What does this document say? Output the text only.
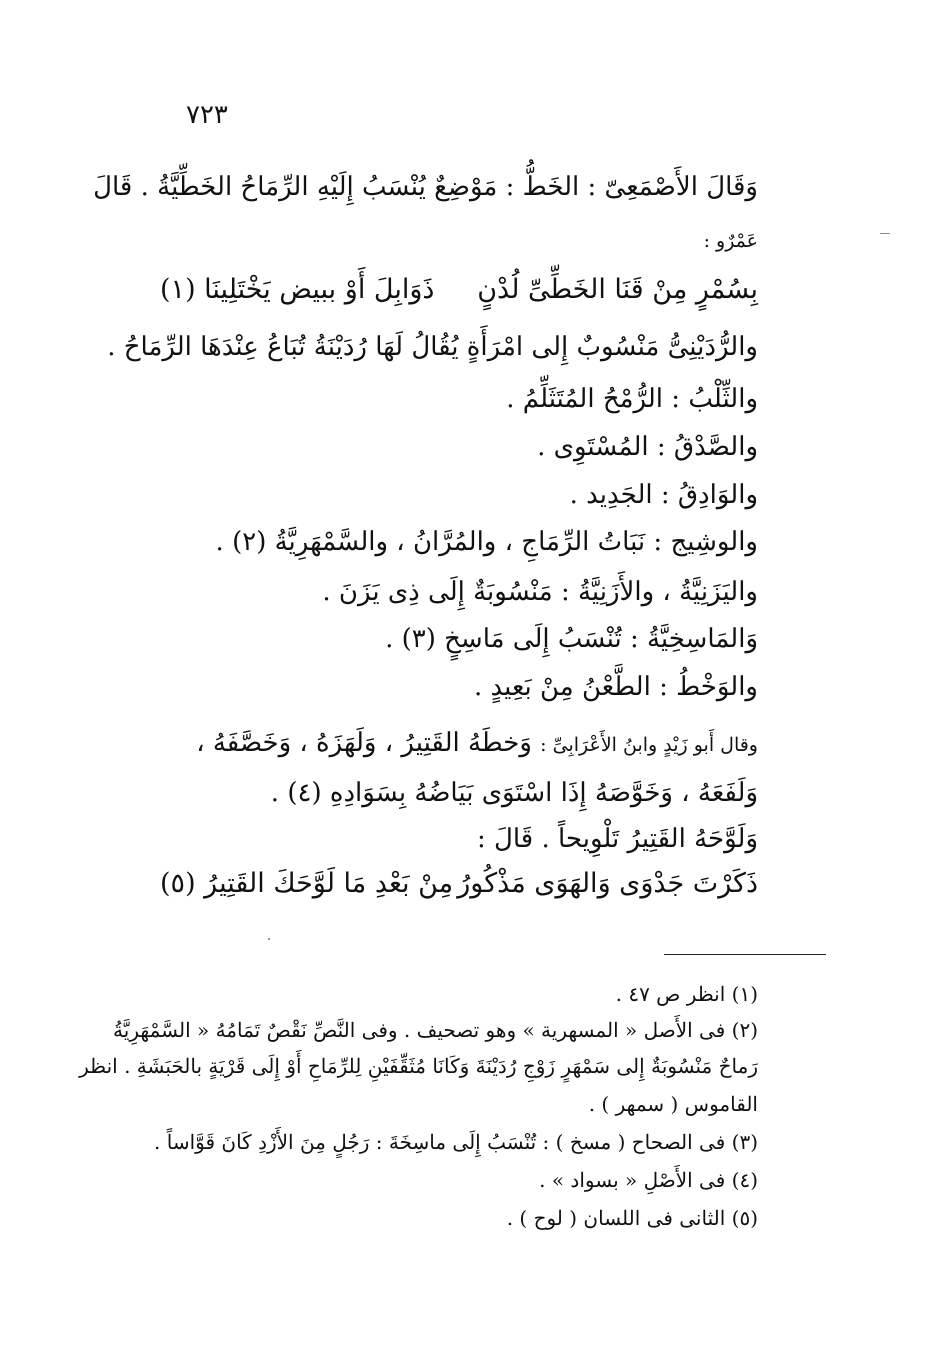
٧٢٣

وَقَالَ الأَصْمَعِىّ : الخَطُّ : مَوْضِعٌ يُنْسَبُ إِلَيْهِ الرِّمَاحُ الخَطِّيَّةُ . قَالَ

عَمْرٌو :

بِسُمْرٍ مِنْ قَنَا الخَطِّىِّ لُدْنٍ
ذَوَابِلَ أَوْ ببيض يَخْتَلِينَا (١)

والرُّدَيْنِىُّ مَنْسُوبٌ إِلى امْرَأَةٍ يُقُالُ لَهَا رُدَيْنَةُ تُبَاعُ عِنْدَهَا الرِّمَاحُ .

والثِّلْبُ : الرُّمْحُ المُتَثَلِّمُ .

والصَّدْقُ : المُسْتَوِى .

والوَادِقُ : الجَدِيد .

والوشِيج : نَبَاتُ الرِّمَاجِ ، والمُرَّانُ ، والسَّمْهَرِيَّةُ (٢) .

واليَزَنِيَّةُ ، والأَزَنِيَّةُ : مَنْسُوبَةٌ إِلَى ذِى يَزَنَ .

وَالمَاسِخِيَّةُ : تُنْسَبُ إِلَى مَاسِخٍ (٣) .

والوَخْطُ : الطَّعْنُ مِنْ بَعِيدٍ .

وقال أَبو زَيْدٍ وابنُ الأَعْرَابِىِّ : وَخطَهُ القَتِيرُ ، وَلَهَزَهُ ، وَخَصَّفَهُ ،

وَلَفَعَهُ ، وَخَوَّصَهُ إِذَا اسْتَوَى بَيَاضُهُ بِسَوَادِهِ (٤) .

وَلَوَّحَهُ القَتِيرُ تَلْوِيحاً . قَالَ :

ذَكَرْتَ جَدْوَى وَالهَوَى مَذْكُورُ
مِنْ بَعْدِ مَا لَوَّحَكَ القَتِيرُ (٥)

(١) انظر ص ٤٧ .

(٢) فى الأَصل « المسهرية » وهو تصحيف . وفى النَّصِّ نَقْصٌ تَمَامُهُ « السَّمْهَرِيَّةُ

رَماحٌ مَنْسُوبَةٌ إِلى سَمْهَرٍ زَوْجِ رُدَيْنَةَ وَكَانَا مُثَقِّفَيْنِ لِلرِّمَاحِ أَوْ إِلَى قَرْيَةٍ بالحَبَشَةِ . انظر

القاموس ( سمهر ) .

(٣) فى الصحاح ( مسخ ) : تُنْسَبُ إِلَى ماسِخَةَ : رَجُلٍ مِنَ الأَزْدِ كَانَ قَوَّاساً .

(٤) فى الأَصْلِ « بسواد » .

(٥) الثانى فى اللسان ( لوح ) .
